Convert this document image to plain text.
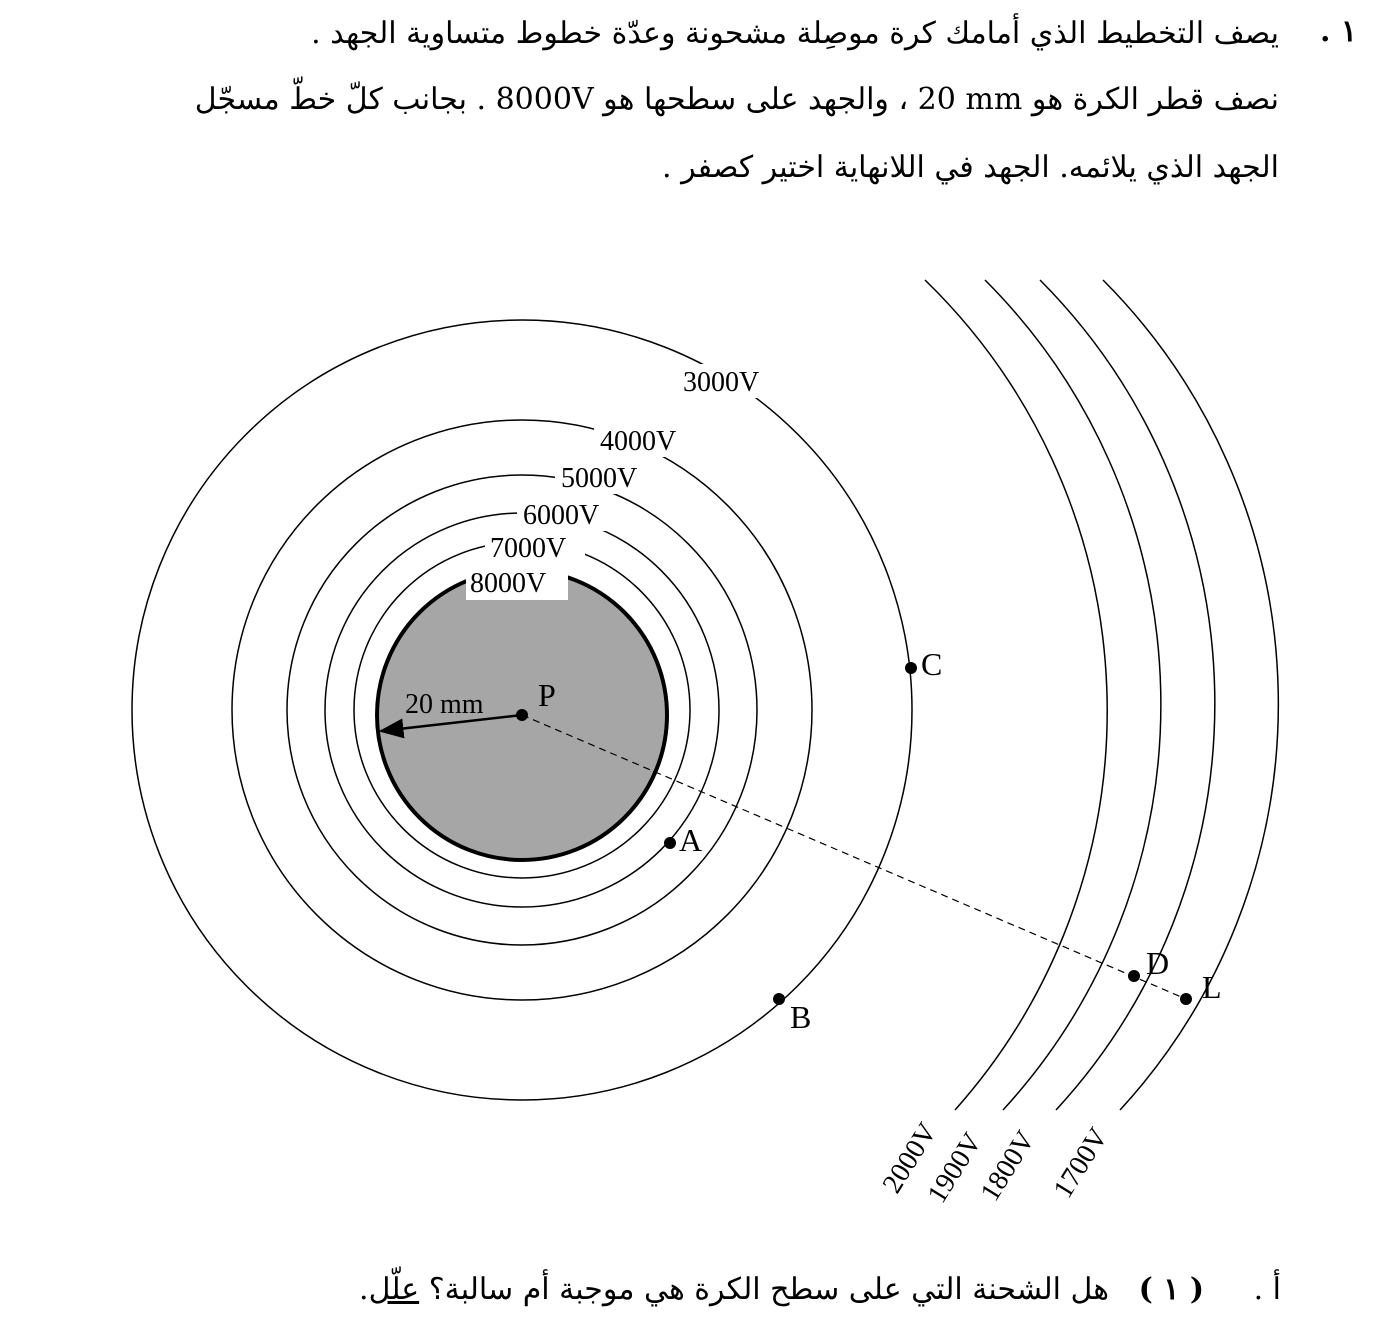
١ .
يصف التخطيط الذي أمامك كرة موصِلة مشحونة وعدّة خطوط متساوية الجهد .
نصف قطر الكرة هو 20 mm ، والجهد على سطحها هو 8000V . بجانب كلّ خطّ مسجّل
الجهد الذي يلائمه. الجهد في اللانهاية اختير كصفر .
3000V
4000V
5000V
6000V
7000V
8000V
20 mm P
A
B
C
D
L
2000V
1900V
1800V 1700V
أ . ( ١ ) هل الشحنة التي على سطح الكرة هي موجبة أم سالبة؟ علّل.
